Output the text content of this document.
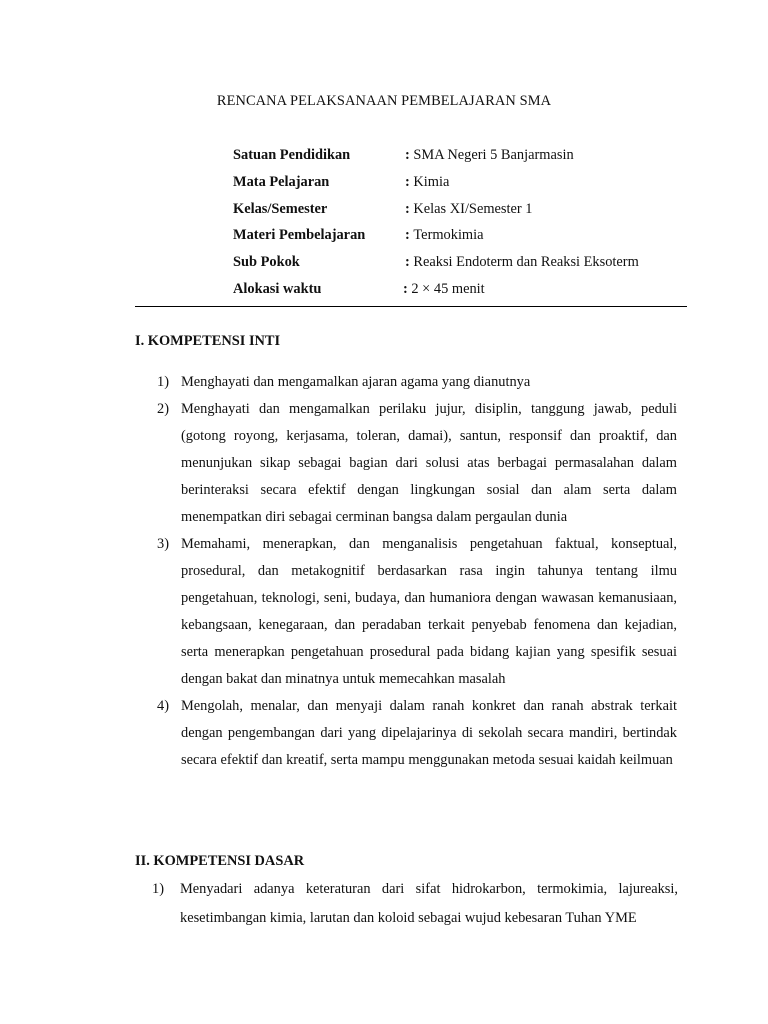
RENCANA PELAKSANAAN PEMBELAJARAN SMA
Satuan Pendidikan	: SMA Negeri 5 Banjarmasin
Mata Pelajaran	: Kimia
Kelas/Semester	: Kelas XI/Semester 1
Materi Pembelajaran	: Termokimia
Sub Pokok	: Reaksi Endoterm dan Reaksi Eksoterm
Alokasi waktu	: 2 × 45 menit
I. KOMPETENSI INTI
1) Menghayati dan mengamalkan ajaran agama yang dianutnya
2) Menghayati dan mengamalkan perilaku jujur, disiplin, tanggung jawab, peduli (gotong royong, kerjasama, toleran, damai), santun, responsif dan proaktif, dan menunjukan sikap sebagai bagian dari solusi atas berbagai permasalahan dalam berinteraksi secara efektif dengan lingkungan sosial dan alam serta dalam menempatkan diri sebagai cerminan bangsa dalam pergaulan dunia
3) Memahami, menerapkan, dan menganalisis pengetahuan faktual, konseptual, prosedural, dan metakognitif berdasarkan rasa ingin tahunya tentang ilmu pengetahuan, teknologi, seni, budaya, dan humaniora dengan wawasan kemanusiaan, kebangsaan, kenegaraan, dan peradaban terkait penyebab fenomena dan kejadian, serta menerapkan pengetahuan prosedural pada bidang kajian yang spesifik sesuai dengan bakat dan minatnya untuk memecahkan masalah
4) Mengolah, menalar, dan menyaji dalam ranah konkret dan ranah abstrak terkait dengan pengembangan dari yang dipelajarinya di sekolah secara mandiri, bertindak secara efektif dan kreatif, serta mampu menggunakan metoda sesuai kaidah keilmuan
II. KOMPETENSI DASAR
1) Menyadari adanya keteraturan dari sifat hidrokarbon, termokimia, lajureaksi, kesetimbangan kimia, larutan dan koloid sebagai wujud kebesaran Tuhan YME
